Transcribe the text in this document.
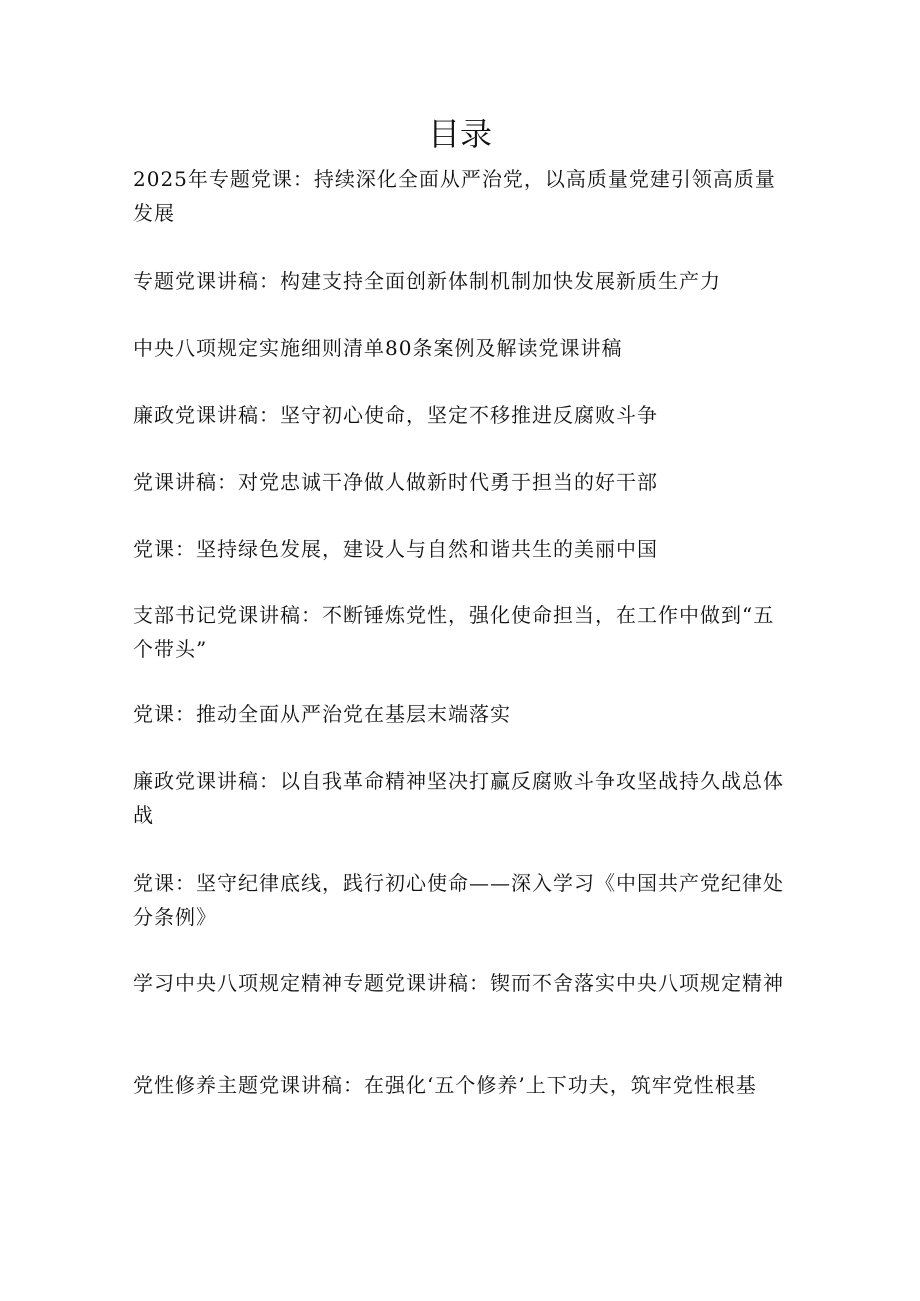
目录

2025年专题党课：持续深化全面从严治党，以高质量党建引领高质量发展

专题党课讲稿：构建支持全面创新体制机制加快发展新质生产力

中央八项规定实施细则清单80条案例及解读党课讲稿

廉政党课讲稿：坚守初心使命，坚定不移推进反腐败斗争

党课讲稿：对党忠诚干净做人做新时代勇于担当的好干部

党课：坚持绿色发展，建设人与自然和谐共生的美丽中国

支部书记党课讲稿：不断锤炼党性，强化使命担当，在工作中做到“五个带头”

党课：推动全面从严治党在基层末端落实

廉政党课讲稿：以自我革命精神坚决打赢反腐败斗争攻坚战持久战总体战

党课：坚守纪律底线，践行初心使命——深入学习《中国共产党纪律处分条例》

学习中央八项规定精神专题党课讲稿：锲而不舍落实中央八项规定精神

党性修养主题党课讲稿：在强化‘五个修养’上下功夫，筑牢党性根基
